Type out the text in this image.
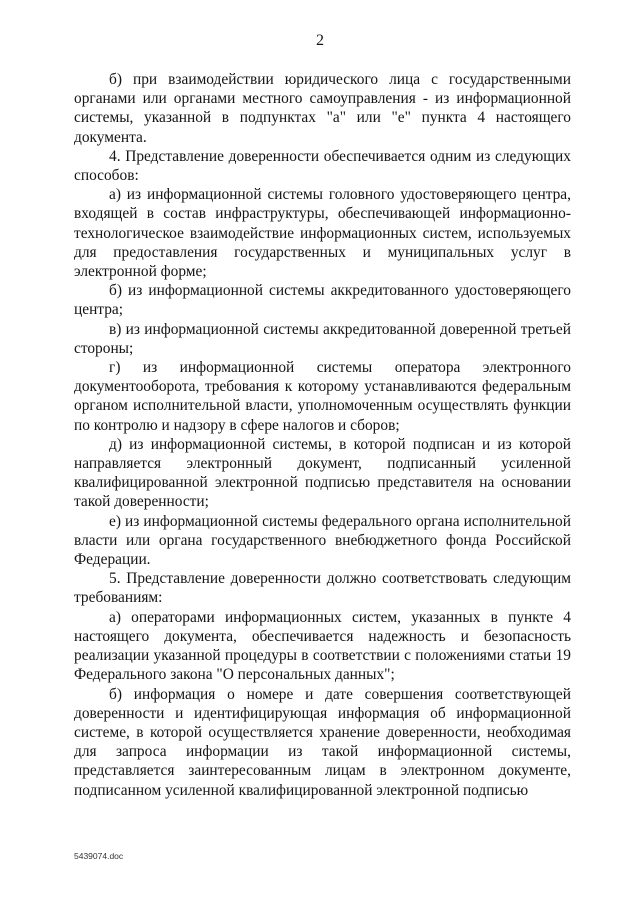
2

б) при взаимодействии юридического лица с государственными органами или органами местного самоуправления - из информационной системы, указанной в подпунктах "а" или "е" пункта 4 настоящего документа.

4. Представление доверенности обеспечивается одним из следующих способов:

а) из информационной системы головного удостоверяющего центра, входящей в состав инфраструктуры, обеспечивающей информационно-технологическое взаимодействие информационных систем, используемых для предоставления государственных и муниципальных услуг в электронной форме;

б) из информационной системы аккредитованного удостоверяющего центра;

в) из информационной системы аккредитованной доверенной третьей стороны;

г) из информационной системы оператора электронного документооборота, требования к которому устанавливаются федеральным органом исполнительной власти, уполномоченным осуществлять функции по контролю и надзору в сфере налогов и сборов;

д) из информационной системы, в которой подписан и из которой направляется электронный документ, подписанный усиленной квалифицированной электронной подписью представителя на основании такой доверенности;

е) из информационной системы федерального органа исполнительной власти или органа государственного внебюджетного фонда Российской Федерации.

5. Представление доверенности должно соответствовать следующим требованиям:

а) операторами информационных систем, указанных в пункте 4 настоящего документа, обеспечивается надежность и безопасность реализации указанной процедуры в соответствии с положениями статьи 19 Федерального закона "О персональных данных";

б) информация о номере и дате совершения соответствующей доверенности и идентифицирующая информация об информационной системе, в которой осуществляется хранение доверенности, необходимая для запроса информации из такой информационной системы, представляется заинтересованным лицам в электронном документе, подписанном усиленной квалифицированной электронной подписью

5439074.doc
